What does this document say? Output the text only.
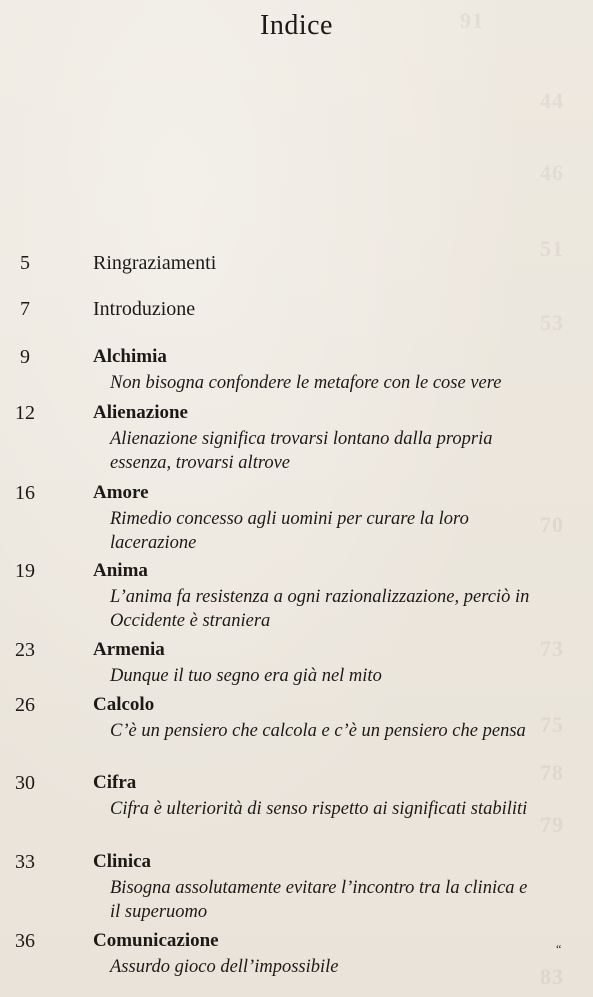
91
44
46
51
53
70
73
75
78
79
83
Indice
5	Ringraziamenti
7	Introduzione
9	Alchimia
Non bisogna confondere le metafore con le cose vere
12	Alienazione
Alienazione significa trovarsi lontano dalla propria essenza, trovarsi altrove
16	Amore
Rimedio concesso agli uomini per curare la loro lacerazione
19	Anima
L’anima fa resistenza a ogni razionalizzazione, perciò in Occidente è straniera
23	Armenia
Dunque il tuo segno era già nel mito
26	Calcolo
C’è un pensiero che calcola e c’è un pensiero che pensa
30	Cifra
Cifra è ulteriorità di senso rispetto ai significati stabiliti
33	Clinica
Bisogna assolutamente evitare l’incontro tra la clinica e il superuomo
36	Comunicazione
Assurdo gioco dell’impossibile
“
